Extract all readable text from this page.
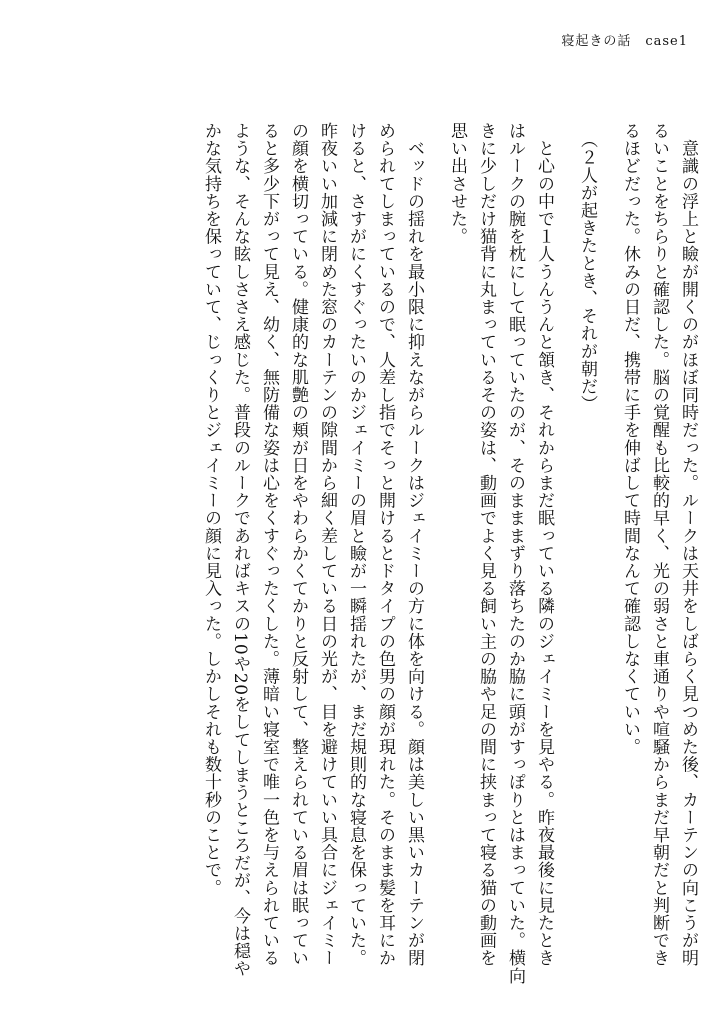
寝起きの話　case1
　意識の浮上と瞼が開くのがほぼ同時だった。ルークは天井をしばらく見つめた後、カーテンの向こうが明
るいことをちらりと確認した。脳の覚醒も比較的早く、光の弱さと車通りや喧騒からまだ早朝だと判断でき
るほどだった。休みの日だ、携帯に手を伸ばして時間なんて確認しなくていい。
　（２人が起きたとき、それが朝だ）
　と心の中で１人うんうんと頷き、それからまだ眠っている隣のジェイミーを見やる。昨夜最後に見たとき
はルークの腕を枕にして眠っていたのが、そのまままずり落ちたのか脇に頭がすっぽりとはまっていた。横向
きに少しだけ猫背に丸まっているその姿は、動画でよく見る飼い主の脇や足の間に挟まって寝る猫の動画を
思い出させた。
　ベッドの揺れを最小限に抑えながらルークはジェイミーの方に体を向ける。顔は美しい黒いカーテンが閉
められてしまっているので、人差し指でそっと開けるとドタイプの色男の顔が現れた。そのまま髪を耳にか
けると、さすがにくすぐったいのかジェイミーの眉と瞼が一瞬揺れたが、まだ規則的な寝息を保っていた。
昨夜いい加減に閉めた窓のカーテンの隙間から細く差している日の光が、目を避けていい具合にジェイミー
の顔を横切っている。健康的な肌艶の頬が日をやわらかくてかりと反射して、整えられている眉は眠ってい
ると多少下がって見え、幼く、無防備な姿は心をくすぐったくした。薄暗い寝室で唯一色を与えられている
ような、そんな眩しささえ感じた。普段のルークであればキスの10や20をしてしまうところだが、今は穏や
かな気持ちを保っていて、じっくりとジェイミーの顔に見入った。しかしそれも数十秒のことで。
